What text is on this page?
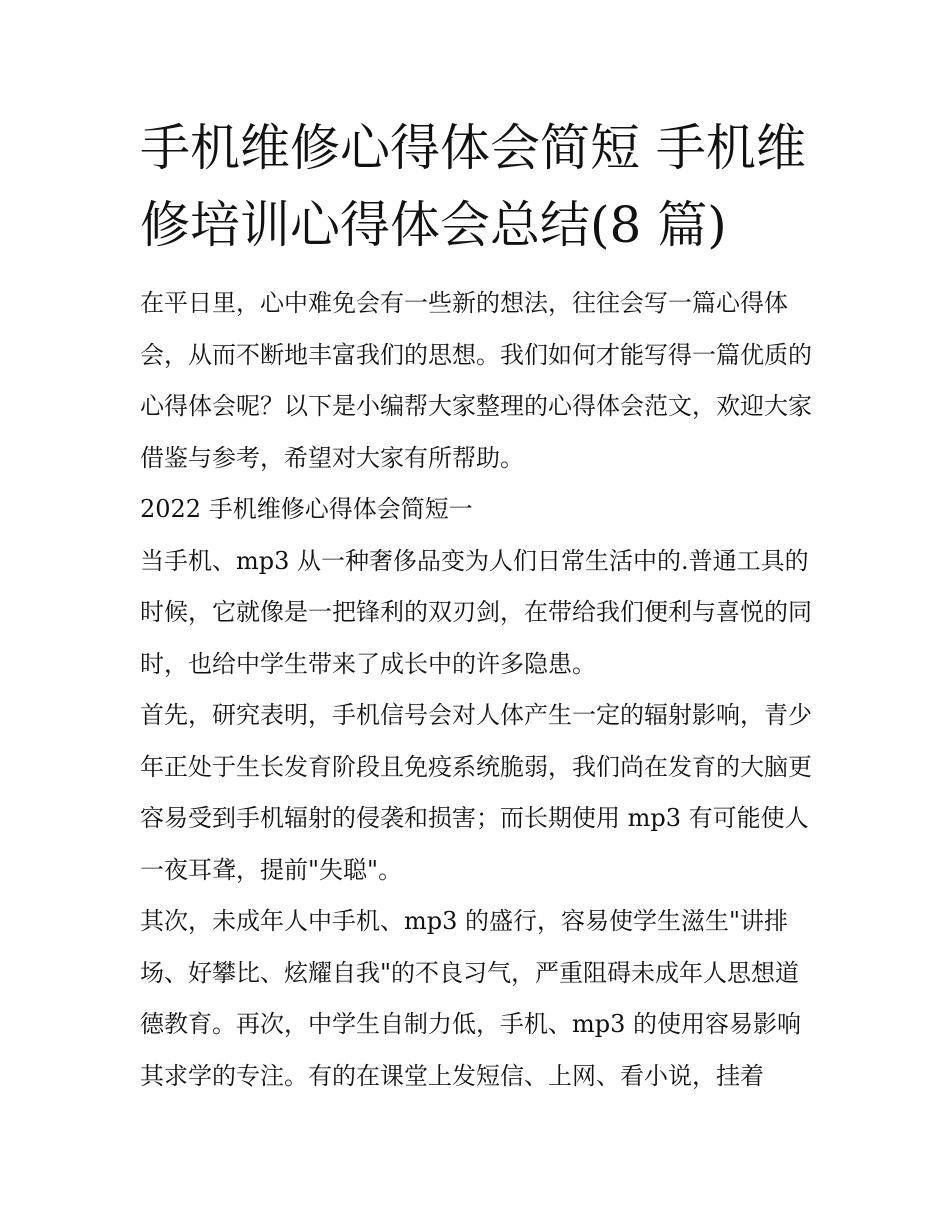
手机维修心得体会简短 手机维修培训心得体会总结(8 篇)

在平日里，心中难免会有一些新的想法，往往会写一篇心得体会，从而不断地丰富我们的思想。我们如何才能写得一篇优质的心得体会呢？以下是小编帮大家整理的心得体会范文，欢迎大家借鉴与参考，希望对大家有所帮助。

2022 手机维修心得体会简短一

当手机、mp3 从一种奢侈品变为人们日常生活中的.普通工具的时候，它就像是一把锋利的双刃剑，在带给我们便利与喜悦的同时，也给中学生带来了成长中的许多隐患。

首先，研究表明，手机信号会对人体产生一定的辐射影响，青少年正处于生长发育阶段且免疫系统脆弱，我们尚在发育的大脑更容易受到手机辐射的侵袭和损害；而长期使用 mp3 有可能使人一夜耳聋，提前"失聪"。

其次，未成年人中手机、mp3 的盛行，容易使学生滋生"讲排场、好攀比、炫耀自我"的不良习气，严重阻碍未成年人思想道德教育。再次，中学生自制力低，手机、mp3 的使用容易影响其求学的专注。有的在课堂上发短信、上网、看小说，挂着
